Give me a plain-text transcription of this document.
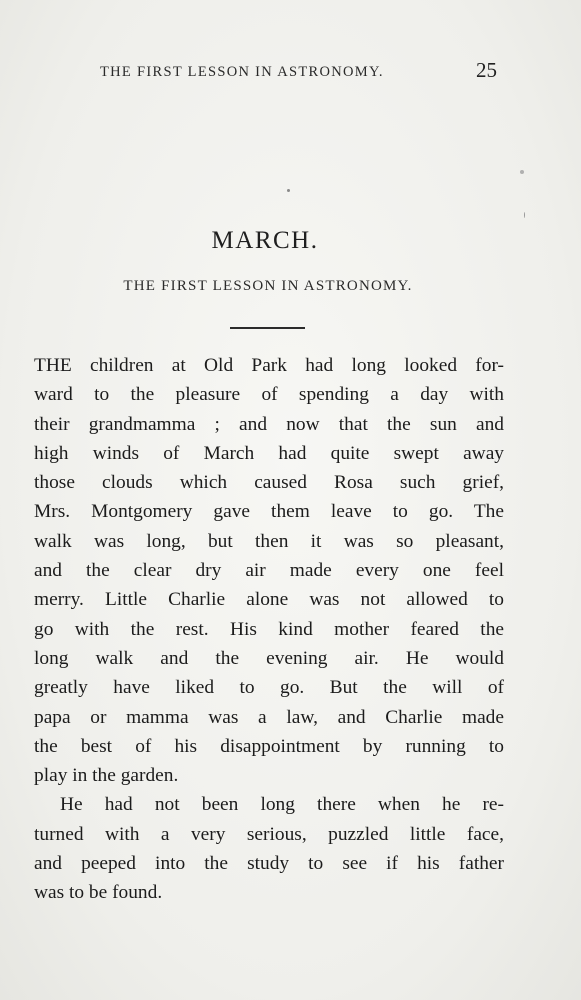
THE FIRST LESSON IN ASTRONOMY.	25
MARCH.
THE FIRST LESSON IN ASTRONOMY.
THE children at Old Park had long looked for-
ward to the pleasure of spending a day with
their grandmamma ; and now that the sun and
high winds of March had quite swept away
those clouds which caused Rosa such grief,
Mrs. Montgomery gave them leave to go. The
walk was long, but then it was so pleasant,
and the clear dry air made every one feel
merry. Little Charlie alone was not allowed to
go with the rest. His kind mother feared the
long walk and the evening air. He would
greatly have liked to go. But the will of
papa or mamma was a law, and Charlie made
the best of his disappointment by running to
play in the garden.
He had not been long there when he re-
turned with a very serious, puzzled little face,
and peeped into the study to see if his father
was to be found.
